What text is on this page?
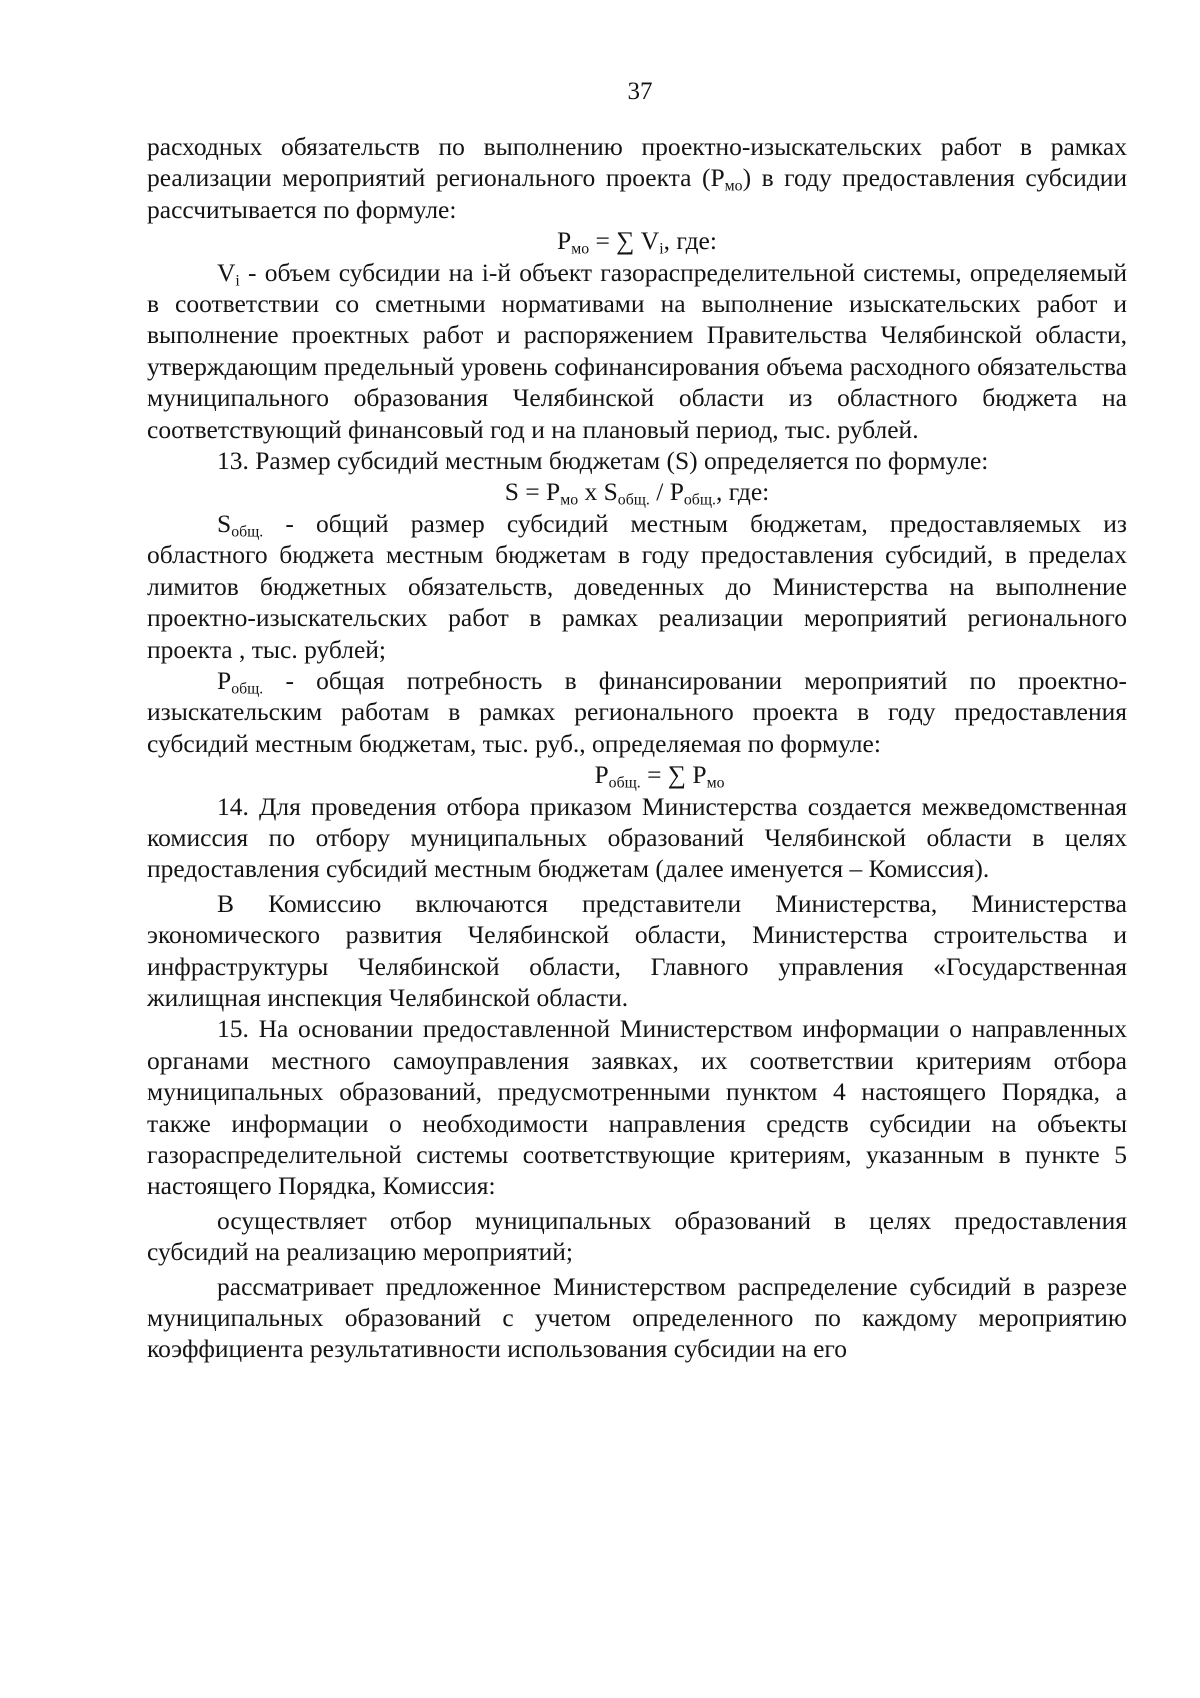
37

расходных обязательств по выполнению проектно-изыскательских работ в рамках реализации мероприятий регионального проекта $(P_{мо})$ в году предоставления субсидии рассчитывается по формуле:

$P_{мо}$ = ∑ $V_i$, где:

$V_i$ - объем субсидии на i-й объект газораспределительной системы, определяемый в соответствии со сметными нормативами на выполнение изыскательских работ и выполнение проектных работ и распоряжением Правительства Челябинской области, утверждающим предельный уровень софинансирования объема расходного обязательства муниципального образования Челябинской области из областного бюджета на соответствующий финансовый год и на плановый период, тыс. рублей.

13. Размер субсидий местным бюджетам (S) определяется по формуле:

$S = P_{мо}$ x $S_{общ.} / P_{общ.}$, где:

$S_{общ.}$ - общий размер субсидий местным бюджетам, предоставляемых из областного бюджета местным бюджетам в году предоставления субсидий, в пределах лимитов бюджетных обязательств, доведенных до Министерства на выполнение проектно-изыскательских работ в рамках реализации мероприятий регионального проекта , тыс. рублей;

$P_{общ.}$ - общая потребность в финансировании мероприятий по проектно-изыскательским работам в рамках регионального проекта в году предоставления субсидий местным бюджетам, тыс. руб., определяемая по формуле:

$P_{общ.}$ = ∑ $P_{мо}$

14. Для проведения отбора приказом Министерства создается межведомственная комиссия по отбору муниципальных образований Челябинской области в целях предоставления субсидий местным бюджетам (далее именуется – Комиссия).

В Комиссию включаются представители Министерства, Министерства экономического развития Челябинской области, Министерства строительства и инфраструктуры Челябинской области, Главного управления «Государственная жилищная инспекция Челябинской области.

15. На основании предоставленной Министерством информации о направленных органами местного самоуправления заявках, их соответствии критериям отбора муниципальных образований, предусмотренными пунктом 4 настоящего Порядка, а также информации о необходимости направления средств субсидии на объекты газораспределительной системы соответствующие критериям, указанным в пункте 5 настоящего Порядка, Комиссия:

осуществляет отбор муниципальных образований в целях предоставления субсидий на реализацию мероприятий;

рассматривает предложенное Министерством распределение субсидий в разрезе муниципальных образований с учетом определенного по каждому мероприятию коэффициента результативности использования субсидии на его
